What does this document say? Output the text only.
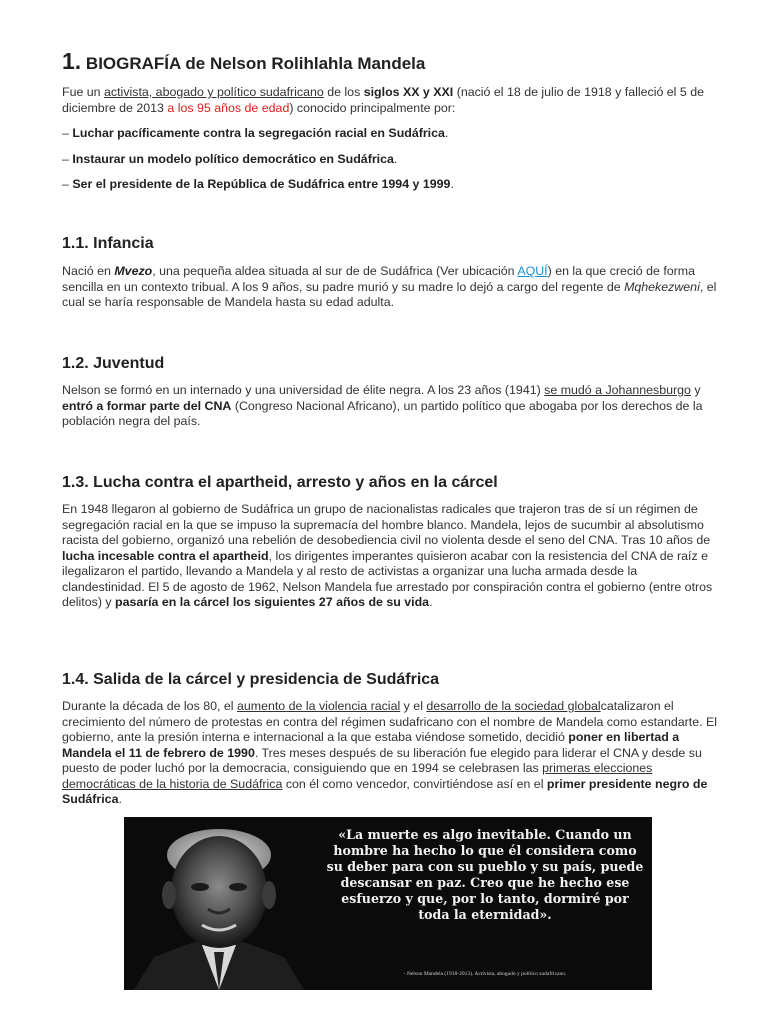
1. BIOGRAFÍA de Nelson Rolihlahla Mandela

Fue un activista, abogado y político sudafricano de los siglos XX y XXI (nació el 18 de julio de 1918 y falleció el 5 de diciembre de 2013 a los 95 años de edad) conocido principalmente por:

– Luchar pacíficamente contra la segregación racial en Sudáfrica.

– Instaurar un modelo político democrático en Sudáfrica.

– Ser el presidente de la República de Sudáfrica entre 1994 y 1999.

1.1. Infancia

Nació en Mvezo, una pequeña aldea situada al sur de de Sudáfrica (Ver ubicación AQUÍ) en la que creció de forma sencilla en un contexto tribual. A los 9 años, su padre murió y su madre lo dejó a cargo del regente de Mqhekezweni, el cual se haría responsable de Mandela hasta su edad adulta.

1.2. Juventud

Nelson se formó en un internado y una universidad de élite negra. A los 23 años (1941) se mudó a Johannesburgo y entró a formar parte del CNA (Congreso Nacional Africano), un partido político que abogaba por los derechos de la población negra del país.

1.3. Lucha contra el apartheid, arresto y años en la cárcel

En 1948 llegaron al gobierno de Sudáfrica un grupo de nacionalistas radicales que trajeron tras de sí un régimen de segregación racial en la que se impuso la supremacía del hombre blanco. Mandela, lejos de sucumbir al absolutismo racista del gobierno, organizó una rebelión de desobediencia civil no violenta desde el seno del CNA. Tras 10 años de lucha incesable contra el apartheid, los dirigentes imperantes quisieron acabar con la resistencia del CNA de raíz e ilegalizaron el partido, llevando a Mandela y al resto de activistas a organizar una lucha armada desde la clandestinidad. El 5 de agosto de 1962, Nelson Mandela fue arrestado por conspiración contra el gobierno (entre otros delitos) y pasaría en la cárcel los siguientes 27 años de su vida.

1.4. Salida de la cárcel y presidencia de Sudáfrica

Durante la década de los 80, el aumento de la violencia racial y el desarrollo de la sociedad globalcatalizaron el crecimiento del número de protestas en contra del régimen sudafricano con el nombre de Mandela como estandarte. El gobierno, ante la presión interna e internacional a la que estaba viéndose sometido, decidió poner en libertad a Mandela el 11 de febrero de 1990. Tres meses después de su liberación fue elegido para liderar el CNA y desde su puesto de poder luchó por la democracia, consiguiendo que en 1994 se celebrasen las primeras elecciones democráticas de la historia de Sudáfrica con él como vencedor, convirtiéndose así en el primer presidente negro de Sudáfrica.

«La muerte es algo inevitable. Cuando un hombre ha hecho lo que él considera como su deber para con su pueblo y su país, puede descansar en paz. Creo que he hecho ese esfuerzo y que, por lo tanto, dormiré por toda la eternidad».
- Nelson Mandela (1918-2013). Activista, abogado y político sudafricano.
